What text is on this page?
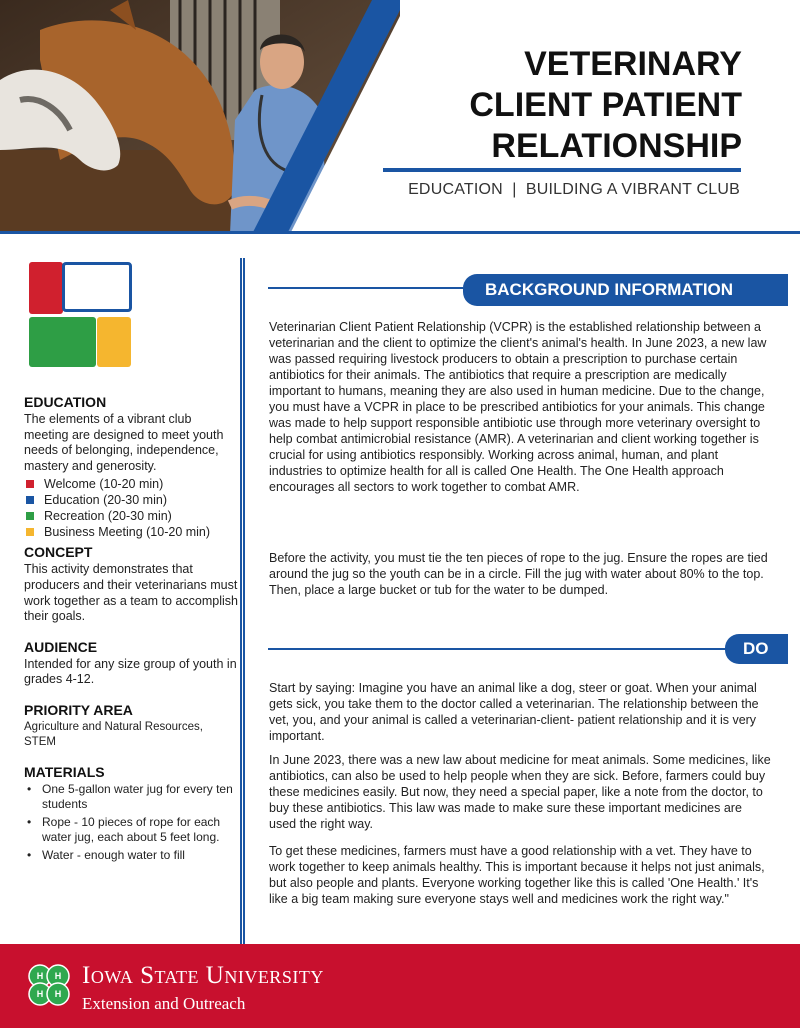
VETERINARY
CLIENT PATIENT
RELATIONSHIP
EDUCATION  |  BUILDING A VIBRANT CLUB
EDUCATION
The elements of a vibrant club meeting are designed to meet youth needs of belonging, independence, mastery and generosity.
Welcome (10-20 min)
Education (20-30 min)
Recreation (20-30 min)
Business Meeting (10-20 min)
CONCEPT
This activity demonstrates that producers and their veterinarians must work together as a team to accomplish their goals.
AUDIENCE
Intended for any size group of youth in grades 4-12.
PRIORITY AREA
Agriculture and Natural Resources, STEM
MATERIALS
• One 5-gallon water jug for every ten students
• Rope - 10 pieces of rope for each water jug, each about 5 feet long.
• Water - enough water to fill
BACKGROUND INFORMATION
Veterinarian Client Patient Relationship (VCPR) is the established relationship between a veterinarian and the client to optimize the client's animal's health. In June 2023, a new law was passed requiring livestock producers to obtain a prescription to purchase certain antibiotics for their animals. The antibiotics that require a prescription are medically important to humans, meaning they are also used in human medicine. Due to the change, you must have a VCPR in place to be prescribed antibiotics for your animals. This change was made to help support responsible antibiotic use through more veterinary oversight to help combat antimicrobial resistance (AMR). A veterinarian and client working together is crucial for using antibiotics responsibly. Working across animal, human, and plant industries to optimize health for all is called One Health. The One Health approach encourages all sectors to work together to combat AMR.
Before the activity, you must tie the ten pieces of rope to the jug. Ensure the ropes are tied around the jug so the youth can be in a circle. Fill the jug with water about 80% to the top. Then, place a large bucket or tub for the water to be dumped.
DO
Start by saying: Imagine you have an animal like a dog, steer or goat. When your animal gets sick, you take them to the doctor called a veterinarian. The relationship between the vet, you, and your animal is called a veterinarian-client- patient relationship and it is very important.
In June 2023, there was a new law about medicine for meat animals. Some medicines, like antibiotics, can also be used to help people when they are sick. Before, farmers could buy these medicines easily. But now, they need a special paper, like a note from the doctor, to buy these antibiotics. This law was made to make sure these important medicines are used the right way.
To get these medicines, farmers must have a good relationship with a vet. They have to work together to keep animals healthy. This is important because it helps not just animals, but also people and plants. Everyone working together like this is called 'One Health.' It's like a big team making sure everyone stays well and medicines work the right way."
H H
H H
Iowa State University
Extension and Outreach
